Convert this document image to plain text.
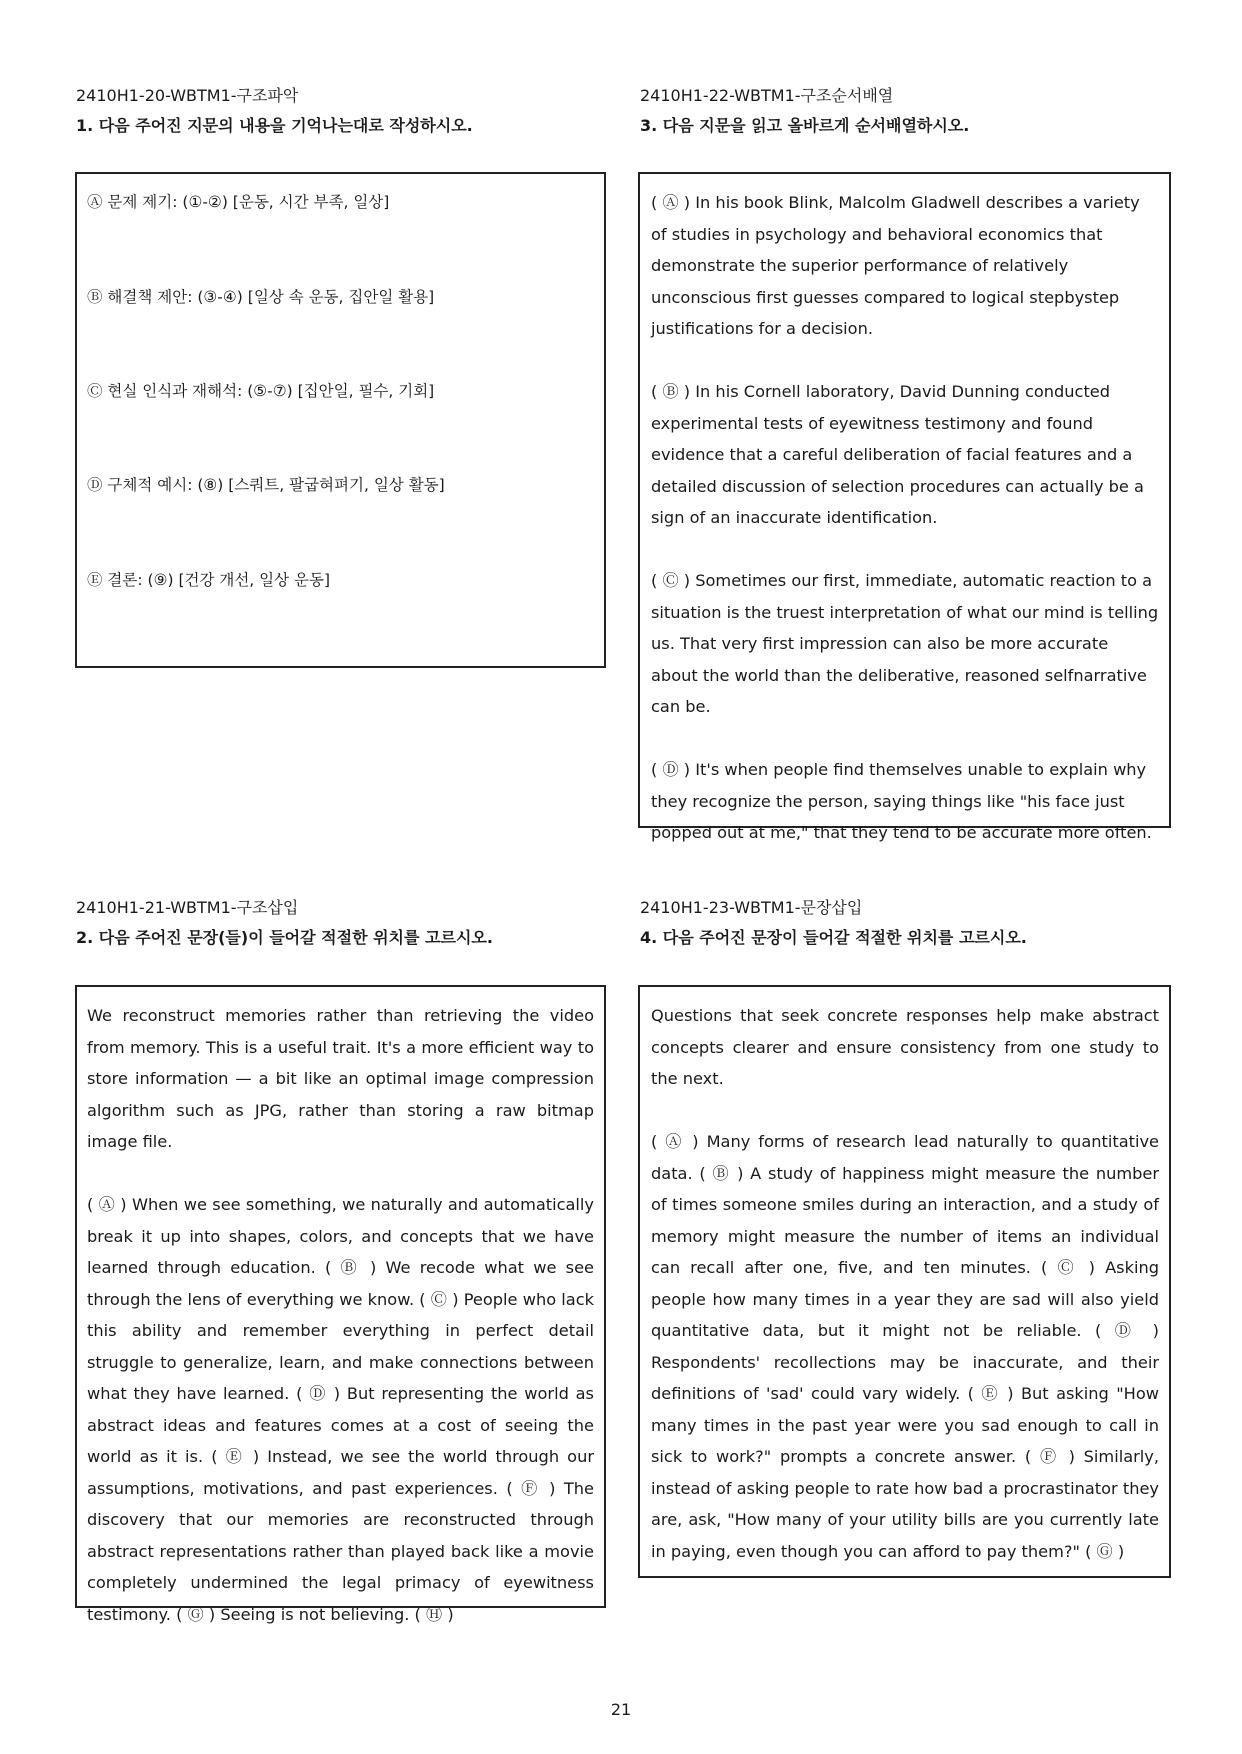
2410H1-20-WBTM1-구조파악

1. 다음 주어진 지문의 내용을 기억나는대로 작성하시오.

Ⓐ 문제 제기: (①-②) [운동, 시간 부족, 일상]

Ⓑ 해결책 제안: (③-④) [일상 속 운동, 집안일 활용]

Ⓒ 현실 인식과 재해석: (⑤-⑦) [집안일, 필수, 기회]

Ⓓ 구체적 예시: (⑧) [스쿼트, 팔굽혀펴기, 일상 활동]

Ⓔ 결론: (⑨) [건강 개선, 일상 운동]

2410H1-22-WBTM1-구조순서배열

3. 다음 지문을 읽고 올바르게 순서배열하시오.

( Ⓐ ) In his book Blink, Malcolm Gladwell describes a variety of studies in psychology and behavioral economics that demonstrate the superior performance of relatively unconscious first guesses compared to logical stepbystep justifications for a decision.

( Ⓑ ) In his Cornell laboratory, David Dunning conducted experimental tests of eyewitness testimony and found evidence that a careful deliberation of facial features and a detailed discussion of selection procedures can actually be a sign of an inaccurate identification.

( Ⓒ ) Sometimes our first, immediate, automatic reaction to a situation is the truest interpretation of what our mind is telling us. That very first impression can also be more accurate about the world than the deliberative, reasoned selfnarrative can be.

( Ⓓ ) It's when people find themselves unable to explain why they recognize the person, saying things like "his face just popped out at me," that they tend to be accurate more often.

2410H1-21-WBTM1-구조삽입

2. 다음 주어진 문장(들)이 들어갈 적절한 위치를 고르시오.

We reconstruct memories rather than retrieving the video from memory. This is a useful trait. It's a more efficient way to store information — a bit like an optimal image compression algorithm such as JPG, rather than storing a raw bitmap image file.

( Ⓐ ) When we see something, we naturally and automatically break it up into shapes, colors, and concepts that we have learned through education. ( Ⓑ ) We recode what we see through the lens of everything we know. ( Ⓒ ) People who lack this ability and remember everything in perfect detail struggle to generalize, learn, and make connections between what they have learned. ( Ⓓ ) But representing the world as abstract ideas and features comes at a cost of seeing the world as it is. ( Ⓔ ) Instead, we see the world through our assumptions, motivations, and past experiences. ( Ⓕ ) The discovery that our memories are reconstructed through abstract representations rather than played back like a movie completely undermined the legal primacy of eyewitness testimony. ( Ⓖ ) Seeing is not believing. ( Ⓗ )

2410H1-23-WBTM1-문장삽입

4. 다음 주어진 문장이 들어갈 적절한 위치를 고르시오.

Questions that seek concrete responses help make abstract concepts clearer and ensure consistency from one study to the next.

( Ⓐ ) Many forms of research lead naturally to quantitative data. ( Ⓑ ) A study of happiness might measure the number of times someone smiles during an interaction, and a study of memory might measure the number of items an individual can recall after one, five, and ten minutes. ( Ⓒ ) Asking people how many times in a year they are sad will also yield quantitative data, but it might not be reliable. ( Ⓓ ) Respondents' recollections may be inaccurate, and their definitions of 'sad' could vary widely. ( Ⓔ ) But asking "How many times in the past year were you sad enough to call in sick to work?" prompts a concrete answer. ( Ⓕ ) Similarly, instead of asking people to rate how bad a procrastinator they are, ask, "How many of your utility bills are you currently late in paying, even though you can afford to pay them?" ( Ⓖ )

21
